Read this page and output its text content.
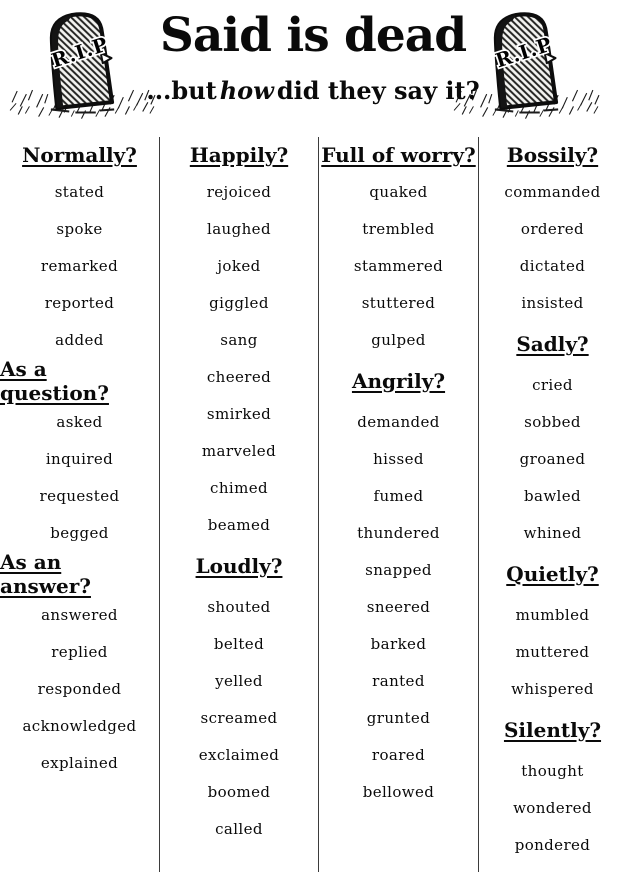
Said is dead
...but how did they say it?
Normally?
stated
spoke
remarked
reported
added
As a question?
asked
inquired
requested
begged
As an answer?
answered
replied
responded
acknowledged
explained
Happily?
rejoiced
laughed
joked
giggled
sang
cheered
smirked
marveled
chimed
beamed
Loudly?
shouted
belted
yelled
screamed
exclaimed
boomed
called
Full of worry?
quaked
trembled
stammered
stuttered
gulped
Angrily?
demanded
hissed
fumed
thundered
snapped
sneered
barked
ranted
grunted
roared
bellowed
Bossily?
commanded
ordered
dictated
insisted
Sadly?
cried
sobbed
groaned
bawled
whined
Quietly?
mumbled
muttered
whispered
Silently?
thought
wondered
pondered
